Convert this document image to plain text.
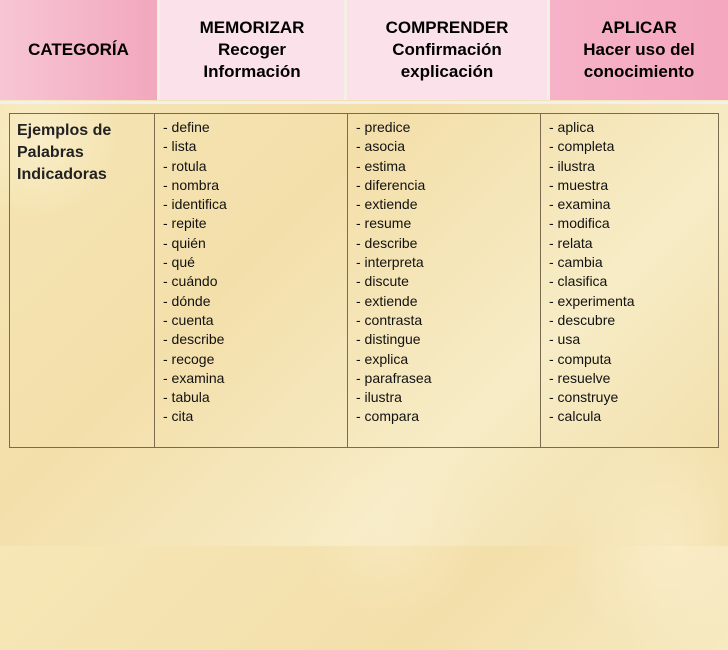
CATEGORÍA
MEMORIZAR
Recoger
Información
COMPRENDER
Confirmación
explicación
APLICAR
Hacer uso del
conocimiento
Ejemplos de
Palabras
Indicadoras
- define
- lista
- rotula
- nombra
- identifica
- repite
- quién
- qué
- cuándo
- dónde
- cuenta
- describe
- recoge
- examina
- tabula
- cita
- predice
- asocia
- estima
- diferencia
- extiende
- resume
- describe
- interpreta
- discute
- extiende
- contrasta
- distingue
- explica
- parafrasea
- ilustra
- compara
- aplica
- completa
- ilustra
- muestra
- examina
- modifica
- relata
- cambia
- clasifica
- experimenta
- descubre
- usa
- computa
- resuelve
- construye
- calcula
